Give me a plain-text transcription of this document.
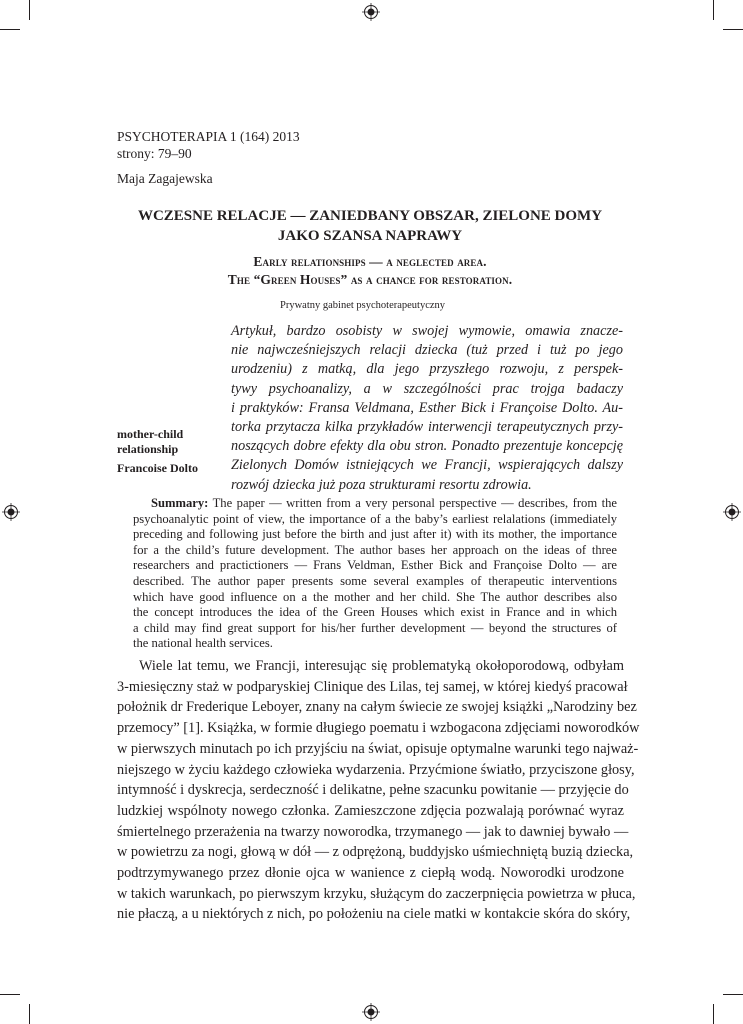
PSYCHOTERAPIA 1 (164) 2013
strony: 79–90
Maja Zagajewska
WCZESNE RELACJE — ZANIEDBANY OBSZAR, ZIELONE DOMY
JAKO SZANSA NAPRAWY
Early relationships — a neglected area.
The “Green Houses” as a chance for restoration.
Prywatny gabinet psychoterapeutyczny
Artykuł, bardzo osobisty w swojej wymowie, omawia znacze-
nie najwcześniejszych relacji dziecka (tuż przed i tuż po jego
urodzeniu) z matką, dla jego przyszłego rozwoju, z perspek-
tywy psychoanalizy, a w szczególności prac trojga badaczy
i praktyków: Fransa Veldmana, Esther Bick i Françoise Dolto. Au-
torka przytacza kilka przykładów interwencji terapeutycznych przy-
noszących dobre efekty dla obu stron. Ponadto prezentuje koncepcję
Zielonych Domów istniejących we Francji, wspierających dalszy
rozwój dziecka już poza strukturami resortu zdrowia.
mother-child
relationship
Francoise Dolto
Summary: The paper — written from a very personal perspective — describes, from the
psychoanalytic point of view, the importance of a the baby’s earliest relalations (immediately
preceding and following just before the birth and just after it) with its mother, the importance
for a the child’s future development. The author bases her approach on the ideas of three
researchers and practictioners — Frans Veldman, Esther Bick and Françoise Dolto — are
described. The author paper presents some several examples of therapeutic interventions
which have good influence on a the mother and her child. She The author describes also
the concept introduces the idea of the Green Houses which exist in France and in which
a child may find great support for his/her further development — beyond the structures of
the national health services.
Wiele lat temu, we Francji, interesując się problematyką okołoporodową, odbyłam
3-miesięczny staż w podparyskiej Clinique des Lilas, tej samej, w której kiedyś pracował
położnik dr Frederique Leboyer, znany na całym świecie ze swojej książki „Narodziny bez
przemocy” [1]. Książka, w formie długiego poematu i wzbogacona zdjęciami noworodków
w pierwszych minutach po ich przyjściu na świat, opisuje optymalne warunki tego najważ-
niejszego w życiu każdego człowieka wydarzenia. Przyćmione światło, przyciszone głosy,
intymność i dyskrecja, serdeczność i delikatne, pełne szacunku powitanie — przyjęcie do
ludzkiej wspólnoty nowego członka. Zamieszczone zdjęcia pozwalają porównać wyraz
śmiertelnego przerażenia na twarzy noworodka, trzymanego — jak to dawniej bywało —
w powietrzu za nogi, głową w dół — z odprężoną, buddyjsko uśmiechniętą buzią dziecka,
podtrzymywanego przez dłonie ojca w wanience z ciepłą wodą. Noworodki urodzone
w takich warunkach, po pierwszym krzyku, służącym do zaczerpnięcia powietrza w płuca,
nie płaczą, a u niektórych z nich, po położeniu na ciele matki w kontakcie skóra do skóry,
